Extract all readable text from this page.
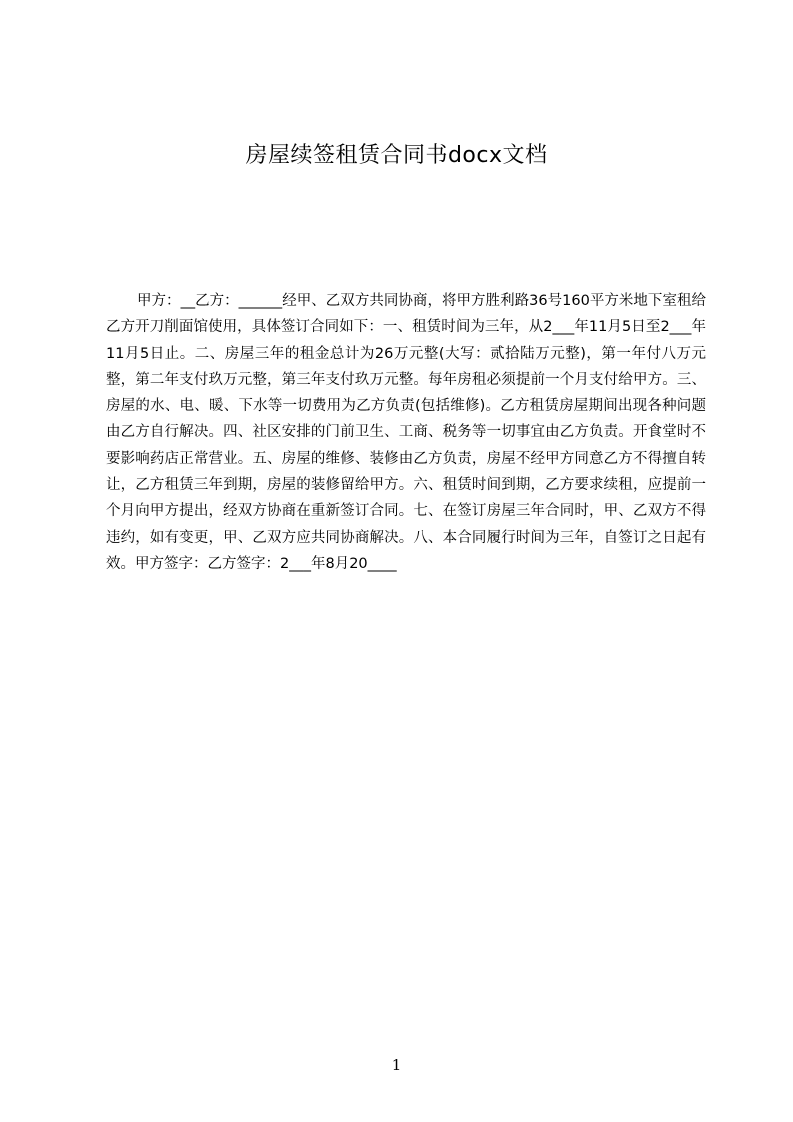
房屋续签租赁合同书docx文档

甲方：__乙方：______经甲、乙双方共同协商，将甲方胜利路36号160平方米地下室租给乙方开刀削面馆使用，具体签订合同如下：一、租赁时间为三年，从2___年11月5日至2___年11月5日止。二、房屋三年的租金总计为26万元整(大写：贰拾陆万元整)，第一年付八万元整，第二年支付玖万元整，第三年支付玖万元整。每年房租必须提前一个月支付给甲方。三、房屋的水、电、暖、下水等一切费用为乙方负责(包括维修)。乙方租赁房屋期间出现各种问题由乙方自行解决。四、社区安排的门前卫生、工商、税务等一切事宜由乙方负责。开食堂时不要影响药店正常营业。五、房屋的维修、装修由乙方负责，房屋不经甲方同意乙方不得擅自转让，乙方租赁三年到期，房屋的装修留给甲方。六、租赁时间到期，乙方要求续租，应提前一个月向甲方提出，经双方协商在重新签订合同。七、在签订房屋三年合同时，甲、乙双方不得违约，如有变更，甲、乙双方应共同协商解决。八、本合同履行时间为三年，自签订之日起有效。甲方签字：乙方签字：2___年8月20____

1
